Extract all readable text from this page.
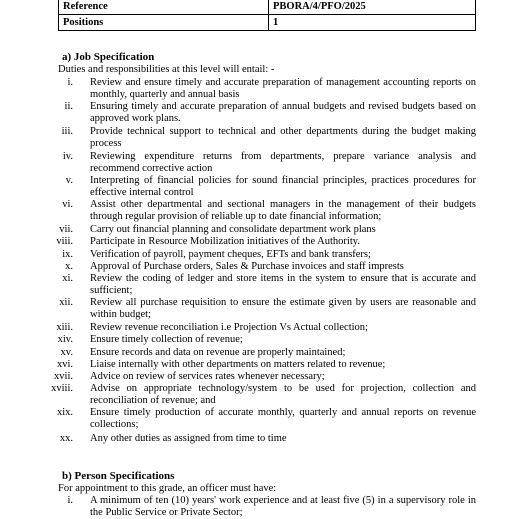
Reference	PBORA/4/PFO/2025
Positions	1
a) Job Specification
Duties and responsibilities at this level will entail: -
i. Review and ensure timely and accurate preparation of management accounting reports on monthly, quarterly and annual basis
ii. Ensuring timely and accurate preparation of annual budgets and revised budgets based on approved work plans.
iii. Provide technical support to technical and other departments during the budget making process
iv. Reviewing expenditure returns from departments, prepare variance analysis and recommend corrective action
v. Interpreting of financial policies for sound financial principles, practices procedures for effective internal control
vi. Assist other departmental and sectional managers in the management of their budgets through regular provision of reliable up to date financial information;
vii. Carry out financial planning and consolidate department work plans
viii. Participate in Resource Mobilization initiatives of the Authority.
ix. Verification of payroll, payment cheques, EFTs and bank transfers;
x. Approval of Purchase orders, Sales & Purchase invoices and staff imprests
xi. Review the coding of ledger and store items in the system to ensure that is accurate and sufficient;
xii. Review all purchase requisition to ensure the estimate given by users are reasonable and within budget;
xiii. Review revenue reconciliation i.e Projection Vs Actual collection;
xiv. Ensure timely collection of revenue;
xv. Ensure records and data on revenue are properly maintained;
xvi. Liaise internally with other departments on matters related to revenue;
xvii. Advice on review of services rates whenever necessary;
xviii. Advise on appropriate technology/system to be used for projection, collection and reconciliation of revenue; and
xix. Ensure timely production of accurate monthly, quarterly and annual reports on revenue collections;
xx. Any other duties as assigned from time to time
b) Person Specifications
For appointment to this grade, an officer must have:
i. A minimum of ten (10) years' work experience and at least five (5) in a supervisory role in the Public Service or Private Sector;
